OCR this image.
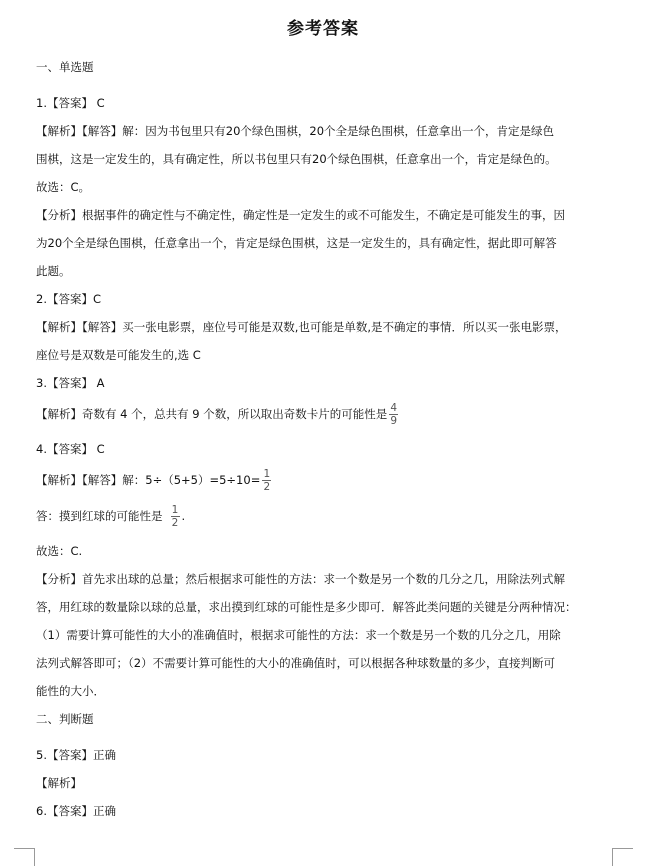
参考答案
一、单选题
1.【答案】 C
【解析】【解答】解：因为书包里只有20个绿色围棋，20个全是绿色围棋，任意拿出一个，肯定是绿色
围棋，这是一定发生的，具有确定性，所以书包里只有20个绿色围棋，任意拿出一个，肯定是绿色的。
故选：C。
【分析】根据事件的确定性与不确定性，确定性是一定发生的或不可能发生，不确定是可能发生的事，因
为20个全是绿色围棋，任意拿出一个，肯定是绿色围棋，这是一定发生的，具有确定性，据此即可解答
此题。
2.【答案】C
【解析】【解答】买一张电影票，座位号可能是双数,也可能是单数,是不确定的事情．所以买一张电影票，
座位号是双数是可能发生的,选 C
3.【答案】 A
【解析】奇数有 4 个，总共有 9 个数，所以取出奇数卡片的可能性是 $\frac{4}{9}$
4.【答案】 C
【解析】【解答】解：$5\div(5+5)=5\div 10= \frac{1}{2}$
答：摸到红球的可能性是 $\frac{1}{2}$ .
故选：C.
【分析】首先求出球的总量；然后根据求可能性的方法：求一个数是另一个数的几分之几，用除法列式解
答，用红球的数量除以球的总量，求出摸到红球的可能性是多少即可．解答此类问题的关键是分两种情况：
（1）需要计算可能性的大小的准确值时，根据求可能性的方法：求一个数是另一个数的几分之几，用除
法列式解答即可；（2）不需要计算可能性的大小的准确值时，可以根据各种球数量的多少，直接判断可
能性的大小．
二、判断题
5.【答案】正确
【解析】
6.【答案】正确
